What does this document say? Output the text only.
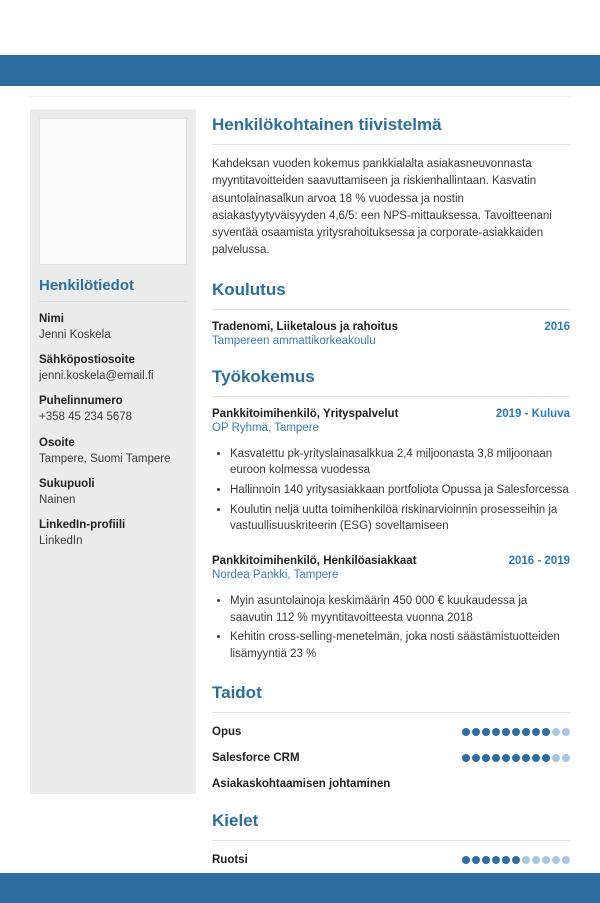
Henkilötiedot
Nimi
Jenni Koskela
Sähköpostiosoite
jenni.koskela@email.fi
Puhelinnumero
+358 45 234 5678
Osoite
Tampere, Suomi Tampere
Sukupuoli
Nainen
LinkedIn-profiili
LinkedIn
Henkilökohtainen tiivistelmä

Kahdeksan vuoden kokemus pankkialalta asiakasneuvonnasta myyntitavoitteiden saavuttamiseen ja riskienhallintaan. Kasvatin asuntolainasalkun arvoa 18 % vuodessa ja nostin asiakastyytyväisyyden 4,6/5: een NPS-mittauksessa. Tavoitteenani syventää osaamista yritysrahoituksessa ja corporate-asiakkaiden palvelussa.

Koulutus
Tradenomi, Liiketalous ja rahoitus	2016
Tampereen ammattikorkeakoulu
Työkokemus
Pankkitoimihenkilö, Yrityspalvelut	2019 - Kuluva
OP Ryhmä, Tampere
• Kasvatettu pk-yrityslainasalkkua 2,4 miljoonasta 3,8 miljoonaan euroon kolmessa vuodessa
• Hallinnoin 140 yritysasiakkaan portfoliota Opussa ja Salesforcessa
• Koulutin neljä uutta toimihenkilöä riskinarvioinnin prosesseihin ja vastuullisuuskriteerin (ESG) soveltamiseen
Pankkitoimihenkilö, Henkilöasiakkaat	2016 - 2019
Nordea Pankki, Tampere
• Myin asuntolainoja keskimäärin 450 000 € kuukaudessa ja saavutin 112 % myyntitavoitteesta vuonna 2018
• Kehitin cross-selling-menetelmän, joka nosti säästämistuotteiden lisämyyntiä 23 %
Taidot
Opus
Salesforce CRM
Asiakaskohtaamisen johtaminen
Kielet
Ruotsi
